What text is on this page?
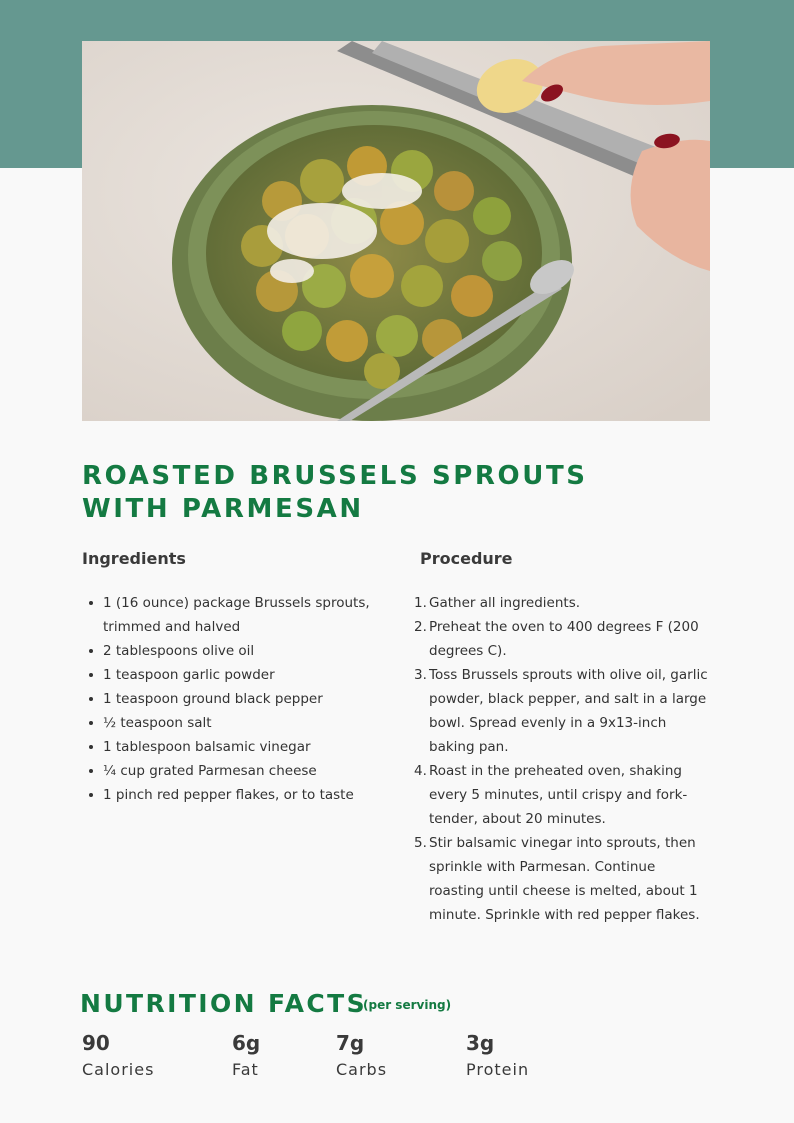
ROASTED BRUSSELS SPROUTS
WITH PARMESAN
Ingredients	Procedure
1 (16 ounce) package Brussels sprouts, trimmed and halved
2 tablespoons olive oil
1 teaspoon garlic powder
1 teaspoon ground black pepper
½ teaspoon salt
1 tablespoon balsamic vinegar
¼ cup grated Parmesan cheese
1 pinch red pepper flakes, or to taste
1. Gather all ingredients.
2. Preheat the oven to 400 degrees F (200 degrees C).
3. Toss Brussels sprouts with olive oil, garlic powder, black pepper, and salt in a large bowl. Spread evenly in a 9x13-inch baking pan.
4. Roast in the preheated oven, shaking every 5 minutes, until crispy and fork-tender, about 20 minutes.
5. Stir balsamic vinegar into sprouts, then sprinkle with Parmesan. Continue roasting until cheese is melted, about 1 minute. Sprinkle with red pepper flakes.
NUTRITION FACTS
(per serving)
90
Calories
6g
Fat
7g
Carbs
3g
Protein
